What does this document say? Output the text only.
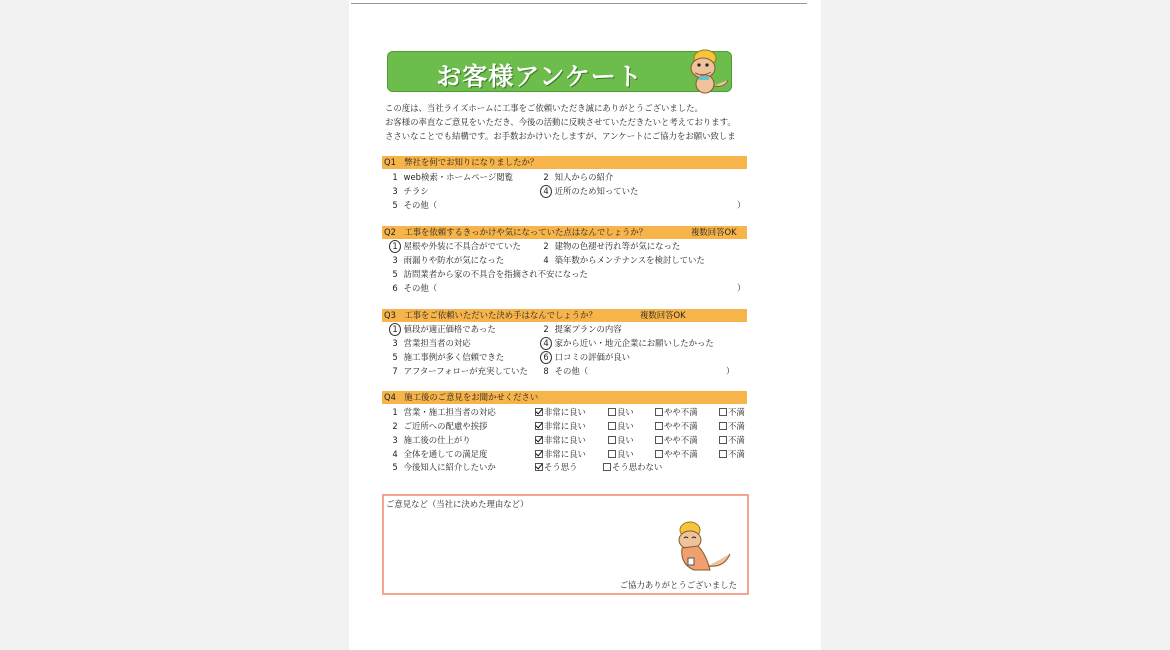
お客様アンケート
この度は、当社ライズホームに工事をご依頼いただき誠にありがとうございました。
お客様の率直なご意見をいただき、今後の活動に反映させていただきたいと考えております。
ささいなことでも結構です。お手数おかけいたしますが、アンケートにご協力をお願い致しま
Q1　弊社を何でお知りになりましたか？
1 web検索・ホームページ閲覧	2 知人からの紹介
3 チラシ	4 近所のため知っていた
5 その他（	）
Q2　工事を依頼するきっかけや気になっていた点はなんでしょうか？	複数回答OK
1 屋根や外装に不具合がでていた	2 建物の色褪せ汚れ等が気になった
3 雨漏りや防水が気になった	4 築年数からメンテナンスを検討していた
5 訪問業者から家の不具合を指摘され不安になった
6 その他（	）
Q3　工事をご依頼いただいた決め手はなんでしょうか？	複数回答OK
1 値段が適正価格であった	2 提案プランの内容
3 営業担当者の対応	4 家から近い・地元企業にお願いしたかった
5 施工事例が多く信頼できた	6 口コミの評価が良い
7 アフターフォローが充実していた	8 その他（	）
Q4　施工後のご意見をお聞かせください
1 営業・施工担当者の対応	非常に良い	良い	やや不満	不満
2 ご近所への配慮や挨拶	非常に良い	良い	やや不満	不満
3 施工後の仕上がり	非常に良い	良い	やや不満	不満
4 全体を通しての満足度	非常に良い	良い	やや不満	不満
5 今後知人に紹介したいか	そう思う	そう思わない
ご意見など（当社に決めた理由など）
ご協力ありがとうございました
